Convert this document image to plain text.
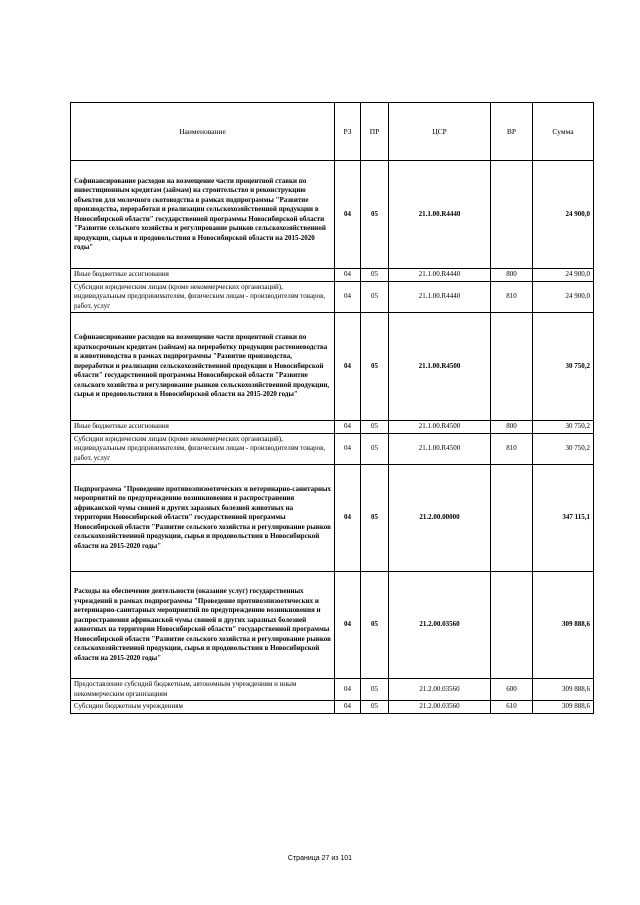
Наименование	РЗ	ПР	ЦСР	ВР	Сумма
Софинансирование расходов на возмещение части процентной ставки по инвестиционным кредитам (займам) на строительство и реконструкцию объектов для молочного скотоводства в рамках подпрограммы "Развитие производства, переработки и реализации сельскохозяйственной продукции в Новосибирской области" государственной программы Новосибирской области "Развитие сельского хозяйства и регулирование рынков сельскохозяйственной продукции, сырья и продовольствия в Новосибирской области на 2015-2020 годы"	04	05	21.1.00.R4440		24 900,0
Иные бюджетные ассигнования	04	05	21.1.00.R4440	800	24 900,0
Субсидии юридическим лицам (кроме некоммерческих организаций), индивидуальным предпринимателям, физическим лицам - производителям товаров, работ, услуг	04	05	21.1.00.R4440	810	24 900,0
Софинансирование расходов на возмещение части процентной ставки по краткосрочным кредитам (займам) на переработку продукции растениеводства и животноводства в рамках подпрограммы "Развитие производства, переработки и реализации сельскохозяйственной продукции в Новосибирской области" государственной программы Новосибирской области "Развитие сельского хозяйства и регулирование рынков сельскохозяйственной продукции, сырья и продовольствия в Новосибирской области на 2015-2020 годы"	04	05	21.1.00.R4500		30 750,2
Иные бюджетные ассигнования	04	05	21.1.00.R4500	800	30 750,2
Субсидии юридическим лицам (кроме некоммерческих организаций), индивидуальным предпринимателям, физическим лицам - производителям товаров, работ, услуг	04	05	21.1.00.R4500	810	30 750,2
Подпрограмма "Проведение противоэпизоотических и ветеринарно-санитарных мероприятий по предупреждению возникновения и распространения африканской чумы свиней и других заразных болезней животных на территории Новосибирской области" государственной программы Новосибирской области "Развитие сельского хозяйства и регулирование рынков сельскохозяйственной продукции, сырья и продовольствия в Новосибирской области на 2015-2020 годы"	04	05	21.2.00.00000		347 115,1
Расходы на обеспечение деятельности (оказание услуг) государственных учреждений в рамках подпрограммы "Проведение противоэпизоотических и ветеринарно-санитарных мероприятий по предупреждению возникновения и распространения африканской чумы свиней и других заразных болезней животных на территории Новосибирской области" государственной программы Новосибирской области "Развитие сельского хозяйства и регулирование рынков сельскохозяйственной продукции, сырья и продовольствия в Новосибирской области на 2015-2020 годы"	04	05	21.2.00.03560		309 888,6
Предоставление субсидий бюджетным, автономным учреждениям и иным некоммерческим организациям	04	05	21.2.00.03560	600	309 888,6
Субсидии бюджетным учреждениям	04	05	21.2.00.03560	610	309 888,6
Страница 27 из 101
